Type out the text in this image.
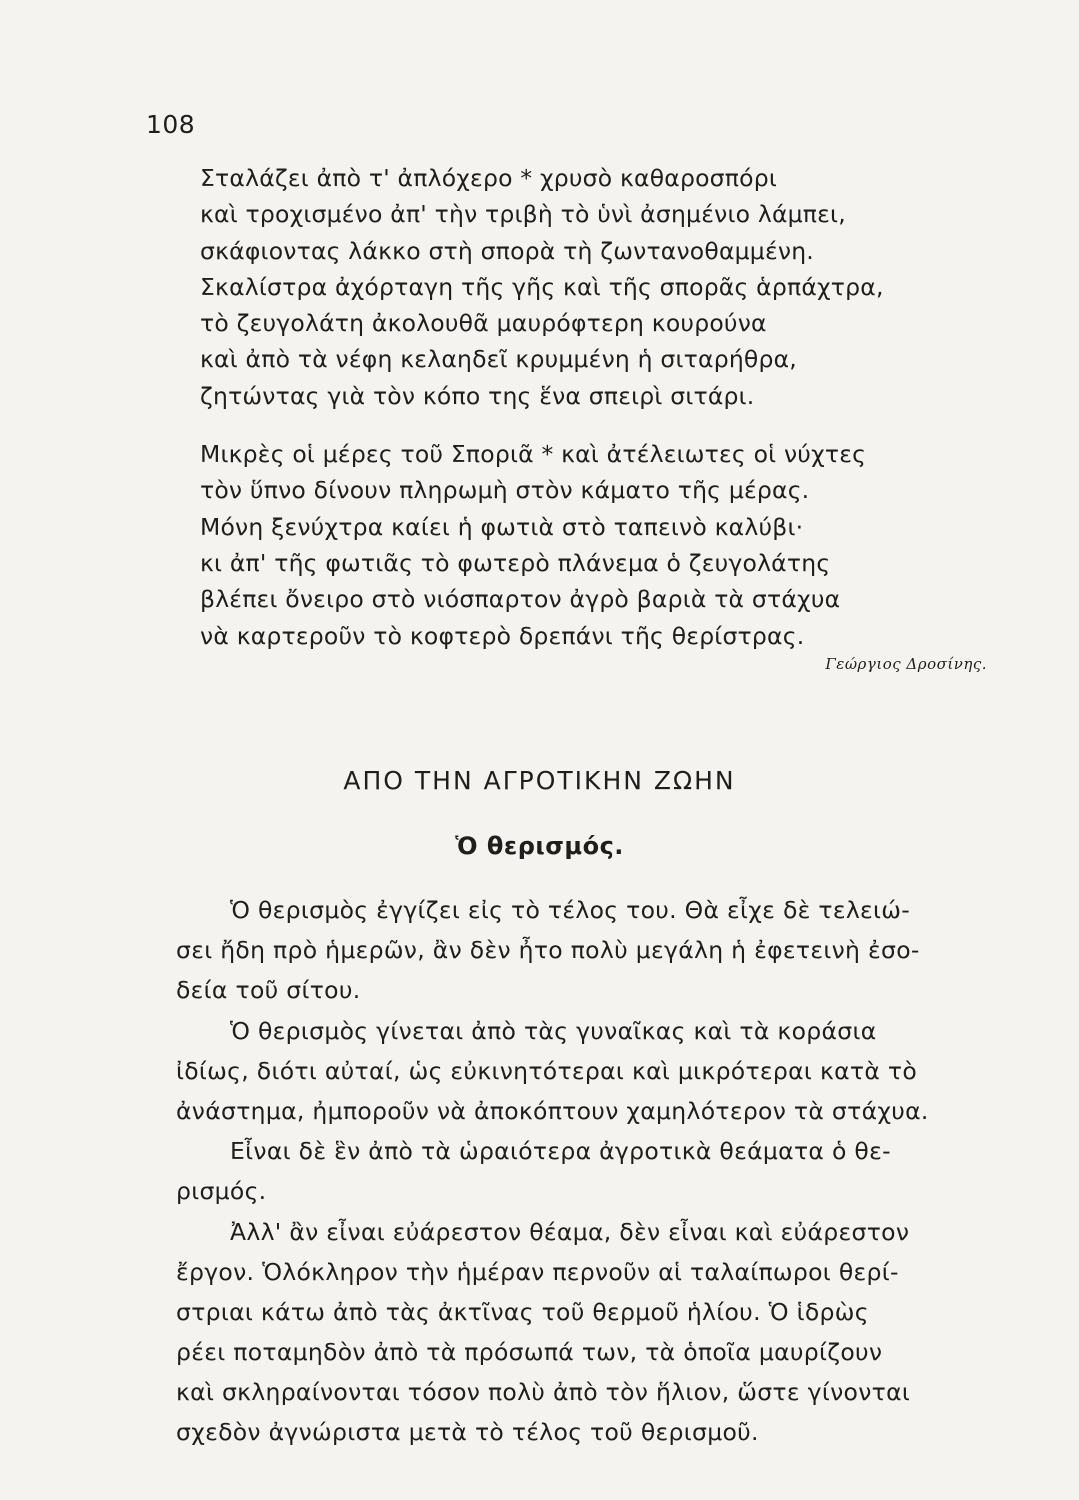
108
Σταλάζει ἀπὸ τ' ἀπλόχερο * χρυσὸ καθαροσπόρι
καὶ τροχισμένο ἀπ' τὴν τριβὴ τὸ ὑνὶ ἀσημένιο λάμπει,
σκάφιοντας λάκκο στὴ σπορὰ τὴ ζωντανοθαμμένη.
Σκαλίστρα ἀχόρταγη τῆς γῆς καὶ τῆς σπορᾶς ἁρπάχτρα,
τὸ ζευγολάτη ἀκολουθᾶ μαυρόφτερη κουρούνα
καὶ ἀπὸ τὰ νέφη κελαηδεῖ κρυμμένη ἡ σιταρήθρα,
ζητώντας γιὰ τὸν κόπο της ἕνα σπειρὶ σιτάρι.
Μικρὲς οἱ μέρες τοῦ Σποριᾶ * καὶ ἀτέλειωτες οἱ νύχτες
τὸν ὕπνο δίνουν πληρωμὴ στὸν κάματο τῆς μέρας.
Μόνη ξενύχτρα καίει ἡ φωτιὰ στὸ ταπεινὸ καλύβι·
κι ἀπ' τῆς φωτιᾶς τὸ φωτερὸ πλάνεμα ὁ ζευγολάτης
βλέπει ὄνειρο στὸ νιόσπαρτον ἀγρὸ βαριὰ τὰ στάχυα
νὰ καρτεροῦν τὸ κοφτερὸ δρεπάνι τῆς θερίστρας.
Γεώργιος Δροσίνης.
ΑΠΟ ΤΗΝ ΑΓΡΟΤΙΚΗΝ ΖΩΗΝ
Ὁ θερισμός.
Ὁ θερισμὸς ἐγγίζει εἰς τὸ τέλος του. Θὰ εἶχε δὲ τελειώ-
σει ἤδη πρὸ ἡμερῶν, ἂν δὲν ἦτο πολὺ μεγάλη ἡ ἐφετεινὴ ἐσο-
δεία τοῦ σίτου.
Ὁ θερισμὸς γίνεται ἀπὸ τὰς γυναῖκας καὶ τὰ κοράσια
ἰδίως, διότι αὐταί, ὡς εὐκινητότεραι καὶ μικρότεραι κατὰ τὸ
ἀνάστημα, ἠμποροῦν νὰ ἀποκόπτουν χαμηλότερον τὰ στάχυα.
Εἶναι δὲ ἓν ἀπὸ τὰ ὡραιότερα ἀγροτικὰ θεάματα ὁ θε-
ρισμός.
Ἀλλ' ἂν εἶναι εὐάρεστον θέαμα, δὲν εἶναι καὶ εὐάρεστον
ἔργον. Ὁλόκληρον τὴν ἡμέραν περνοῦν αἱ ταλαίπωροι θερί-
στριαι κάτω ἀπὸ τὰς ἀκτῖνας τοῦ θερμοῦ ἡλίου. Ὁ ἱδρὼς
ρέει ποταμηδὸν ἀπὸ τὰ πρόσωπά των, τὰ ὁποῖα μαυρίζουν
καὶ σκληραίνονται τόσον πολὺ ἀπὸ τὸν ἥλιον, ὥστε γίνονται
σχεδὸν ἀγνώριστα μετὰ τὸ τέλος τοῦ θερισμοῦ.
